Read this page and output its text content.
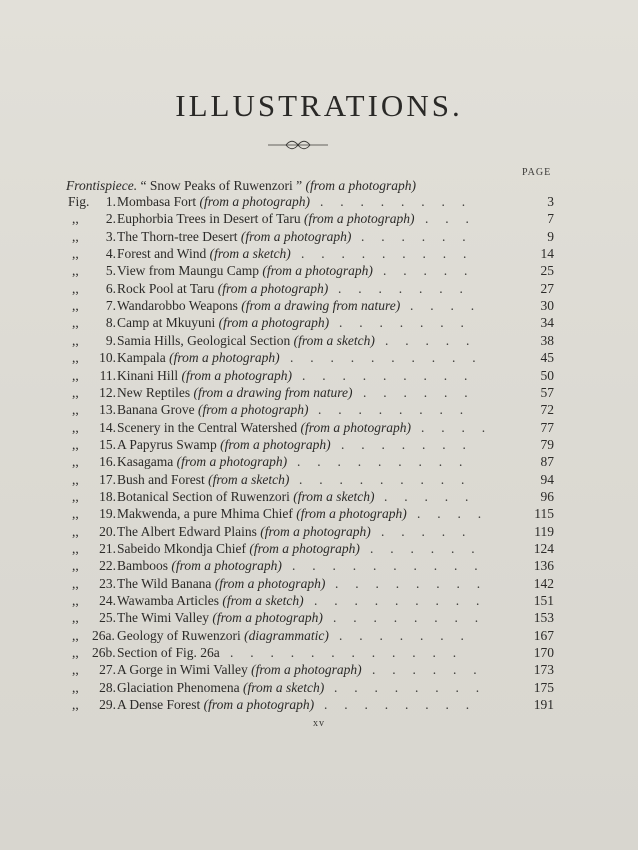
ILLUSTRATIONS.
PAGE
Frontispiece. “ Snow Peaks of Ruwenzori ” (from a photograph)
Fig.	1. Mombasa Fort (from a photograph)	3
.     .     .     .     .     .     .     .
,,	2. Euphorbia Trees in Desert of Taru (from a photograph)	7
.     .     .
,,	3. The Thorn-tree Desert (from a photograph)	9
.     .     .     .     .     .
,,	4. Forest and Wind (from a sketch)	14
.     .     .     .     .     .     .     .     .
,,	5. View from Maungu Camp (from a photograph)	25
.     .     .     .     .
,,	6. Rock Pool at Taru (from a photograph)	27
.     .     .     .     .     .     .
,,	7. Wandarobbo Weapons (from a drawing from nature)	30
.     .     .     .
,,	8. Camp at Mkuyuni (from a photograph)	34
.     .     .     .     .     .     .
,,	9. Samia Hills, Geological Section (from a sketch)	38
.     .     .     .     .
,,	10. Kampala (from a photograph)	45
.     .     .     .     .     .     .     .     .     .
,,	11. Kinani Hill (from a photograph)	50
.     .     .     .     .     .     .     .     .
,,	12. New Reptiles (from a drawing from nature)	57
.     .     .     .     .     .
,,	13. Banana Grove (from a photograph)	72
.     .     .     .     .     .     .     .
,,	14. Scenery in the Central Watershed (from a photograph)	77
.     .     .     .
,,	15. A Papyrus Swamp (from a photograph)	79
.     .     .     .     .     .     .
,,	16. Kasagama (from a photograph)	87
.     .     .     .     .     .     .     .     .
,,	17. Bush and Forest (from a sketch)	94
.     .     .     .     .     .     .     .     .
,,	18. Botanical Section of Ruwenzori (from a sketch)	96
.     .     .     .     .
,,	19. Makwenda, a pure Mhima Chief (from a photograph)	115
.     .     .     .
,,	20. The Albert Edward Plains (from a photograph)	119
.     .     .     .     .
,,	21. Sabeido Mkondja Chief (from a photograph)	124
.     .     .     .     .     .
,,	22. Bamboos (from a photograph)	136
.     .     .     .     .     .     .     .     .     .
,,	23. The Wild Banana (from a photograph)	142
.     .     .     .     .     .     .     .
,,	24. Wawamba Articles (from a sketch)	151
.     .     .     .     .     .     .     .     .
,,	25. The Wimi Valley (from a photograph)	153
.     .     .     .     .     .     .     .
,, 26a. Geology of Ruwenzori (diagrammatic)	167
.     .     .     .     .     .     .
,, 26b. Section of Fig. 26a	170
.     .     .     .     .     .     .     .     .     .     .     .
,,	27. A Gorge in Wimi Valley (from a photograph)	173
.     .     .     .     .     .
,,	28. Glaciation Phenomena (from a sketch)	175
.     .     .     .     .     .     .     .
,,	29. A Dense Forest (from a photograph)	191
.     .     .     .     .     .     .     .
xv
